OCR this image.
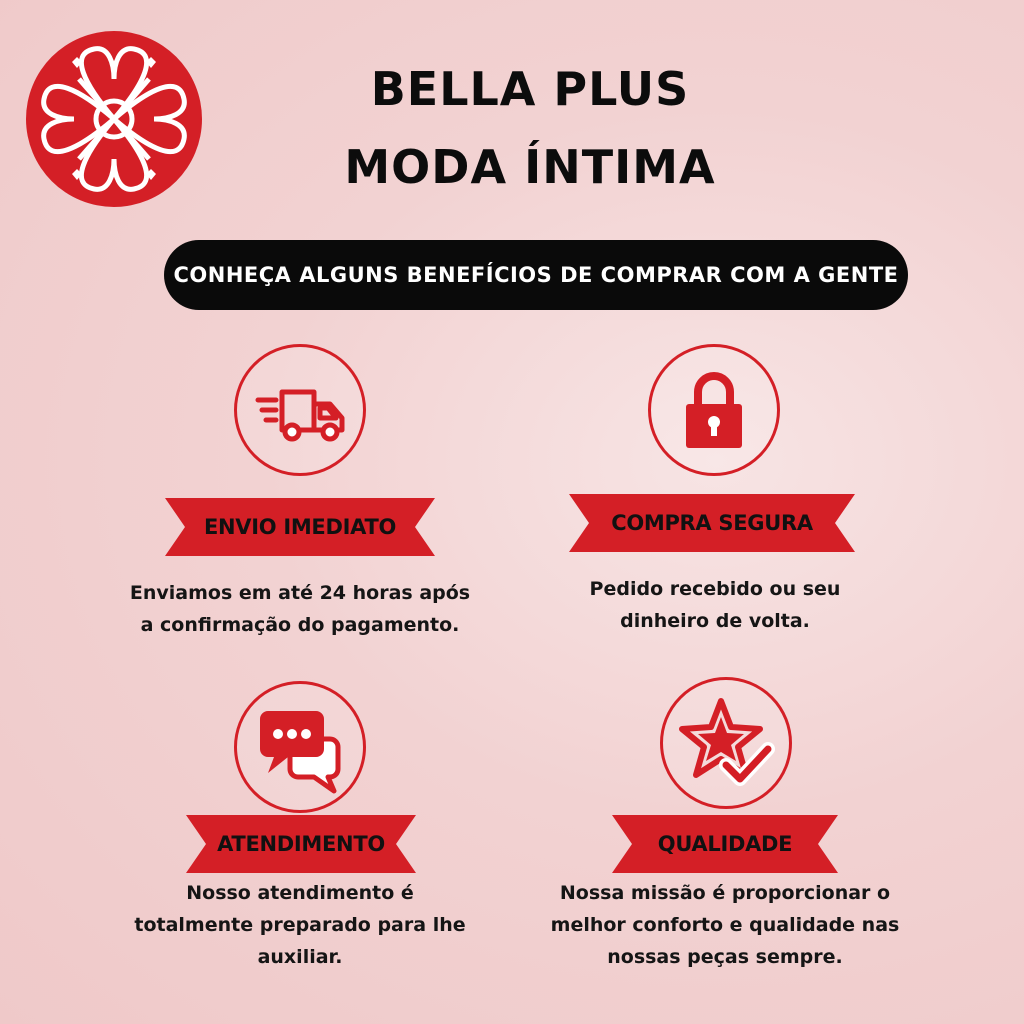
BELLA PLUS
MODA ÍNTIMA
CONHEÇA ALGUNS BENEFÍCIOS DE COMPRAR COM A GENTE
ENVIO IMEDIATO
Enviamos em até 24 horas após
a confirmação do pagamento.
COMPRA SEGURA
Pedido recebido ou seu
dinheiro de volta.
ATENDIMENTO
Nosso atendimento é
totalmente preparado para lhe
auxiliar.
QUALIDADE
Nossa missão é proporcionar o
melhor conforto e qualidade nas
nossas peças sempre.
